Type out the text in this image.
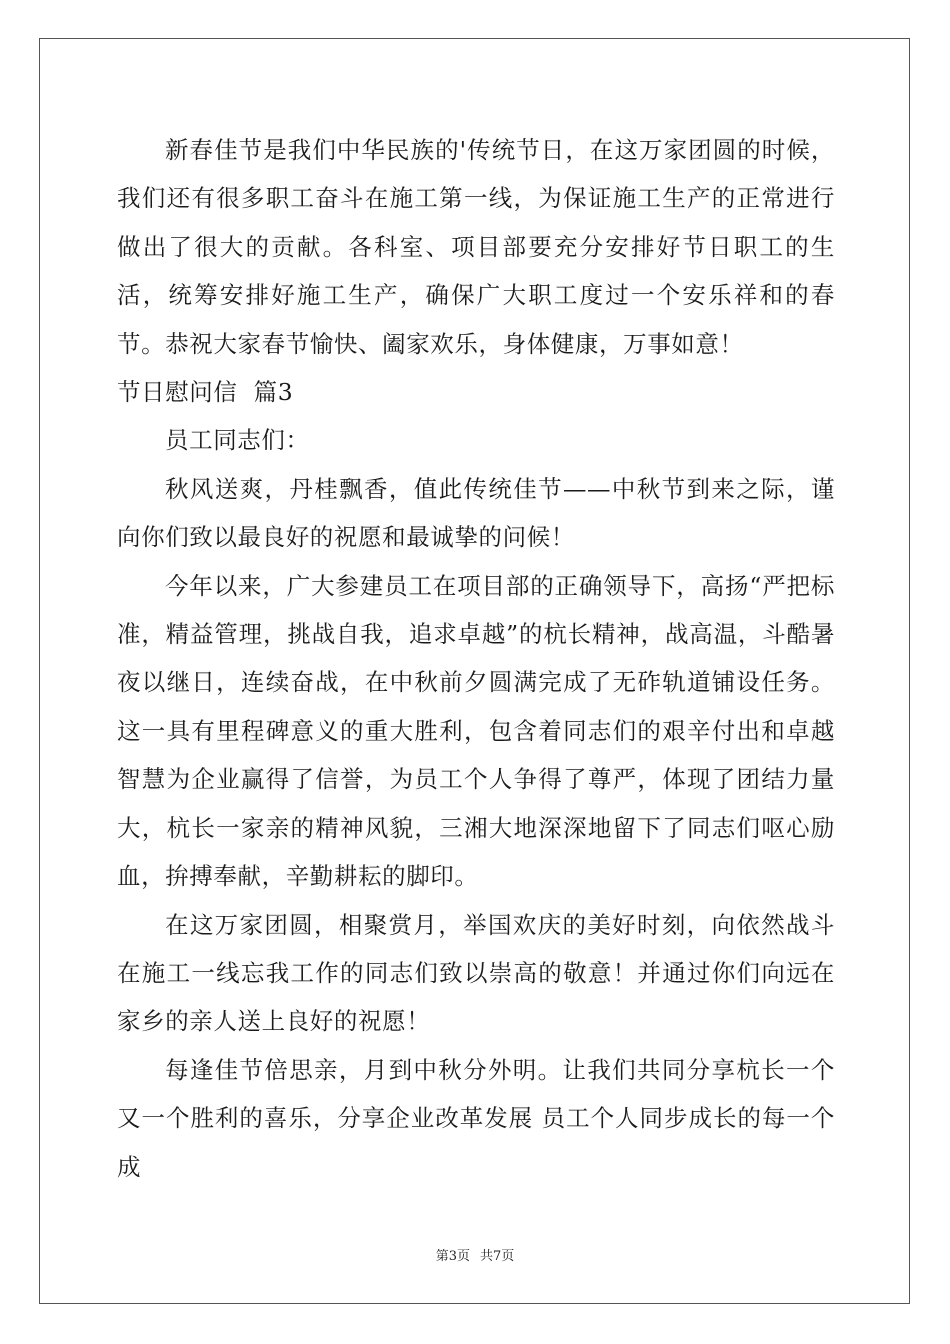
新春佳节是我们中华民族的'传统节日，在这万家团圆的时候，我们还有很多职工奋斗在施工第一线，为保证施工生产的正常进行做出了很大的贡献。各科室、项目部要充分安排好节日职工的生活，统筹安排好施工生产，确保广大职工度过一个安乐祥和的春节。恭祝大家春节愉快、阖家欢乐，身体健康，万事如意！

节日慰问信  篇3

员工同志们：

秋风送爽，丹桂飘香，值此传统佳节——中秋节到来之际，谨向你们致以最良好的祝愿和最诚挚的问候！

今年以来，广大参建员工在项目部的正确领导下，高扬“严把标准，精益管理，挑战自我，追求卓越”的杭长精神，战高温，斗酷暑夜以继日，连续奋战，在中秋前夕圆满完成了无砟轨道铺设任务。这一具有里程碑意义的重大胜利，包含着同志们的艰辛付出和卓越智慧为企业赢得了信誉，为员工个人争得了尊严，体现了团结力量大，杭长一家亲的精神风貌，三湘大地深深地留下了同志们呕心励血，拚搏奉献，辛勤耕耘的脚印。

在这万家团圆，相聚赏月，举国欢庆的美好时刻，向依然战斗在施工一线忘我工作的同志们致以崇高的敬意！并通过你们向远在家乡的亲人送上良好的祝愿！

每逢佳节倍思亲，月到中秋分外明。让我们共同分享杭长一个又一个胜利的喜乐，分享企业改革发展 员工个人同步成长的每一个成

第3页 共7页
